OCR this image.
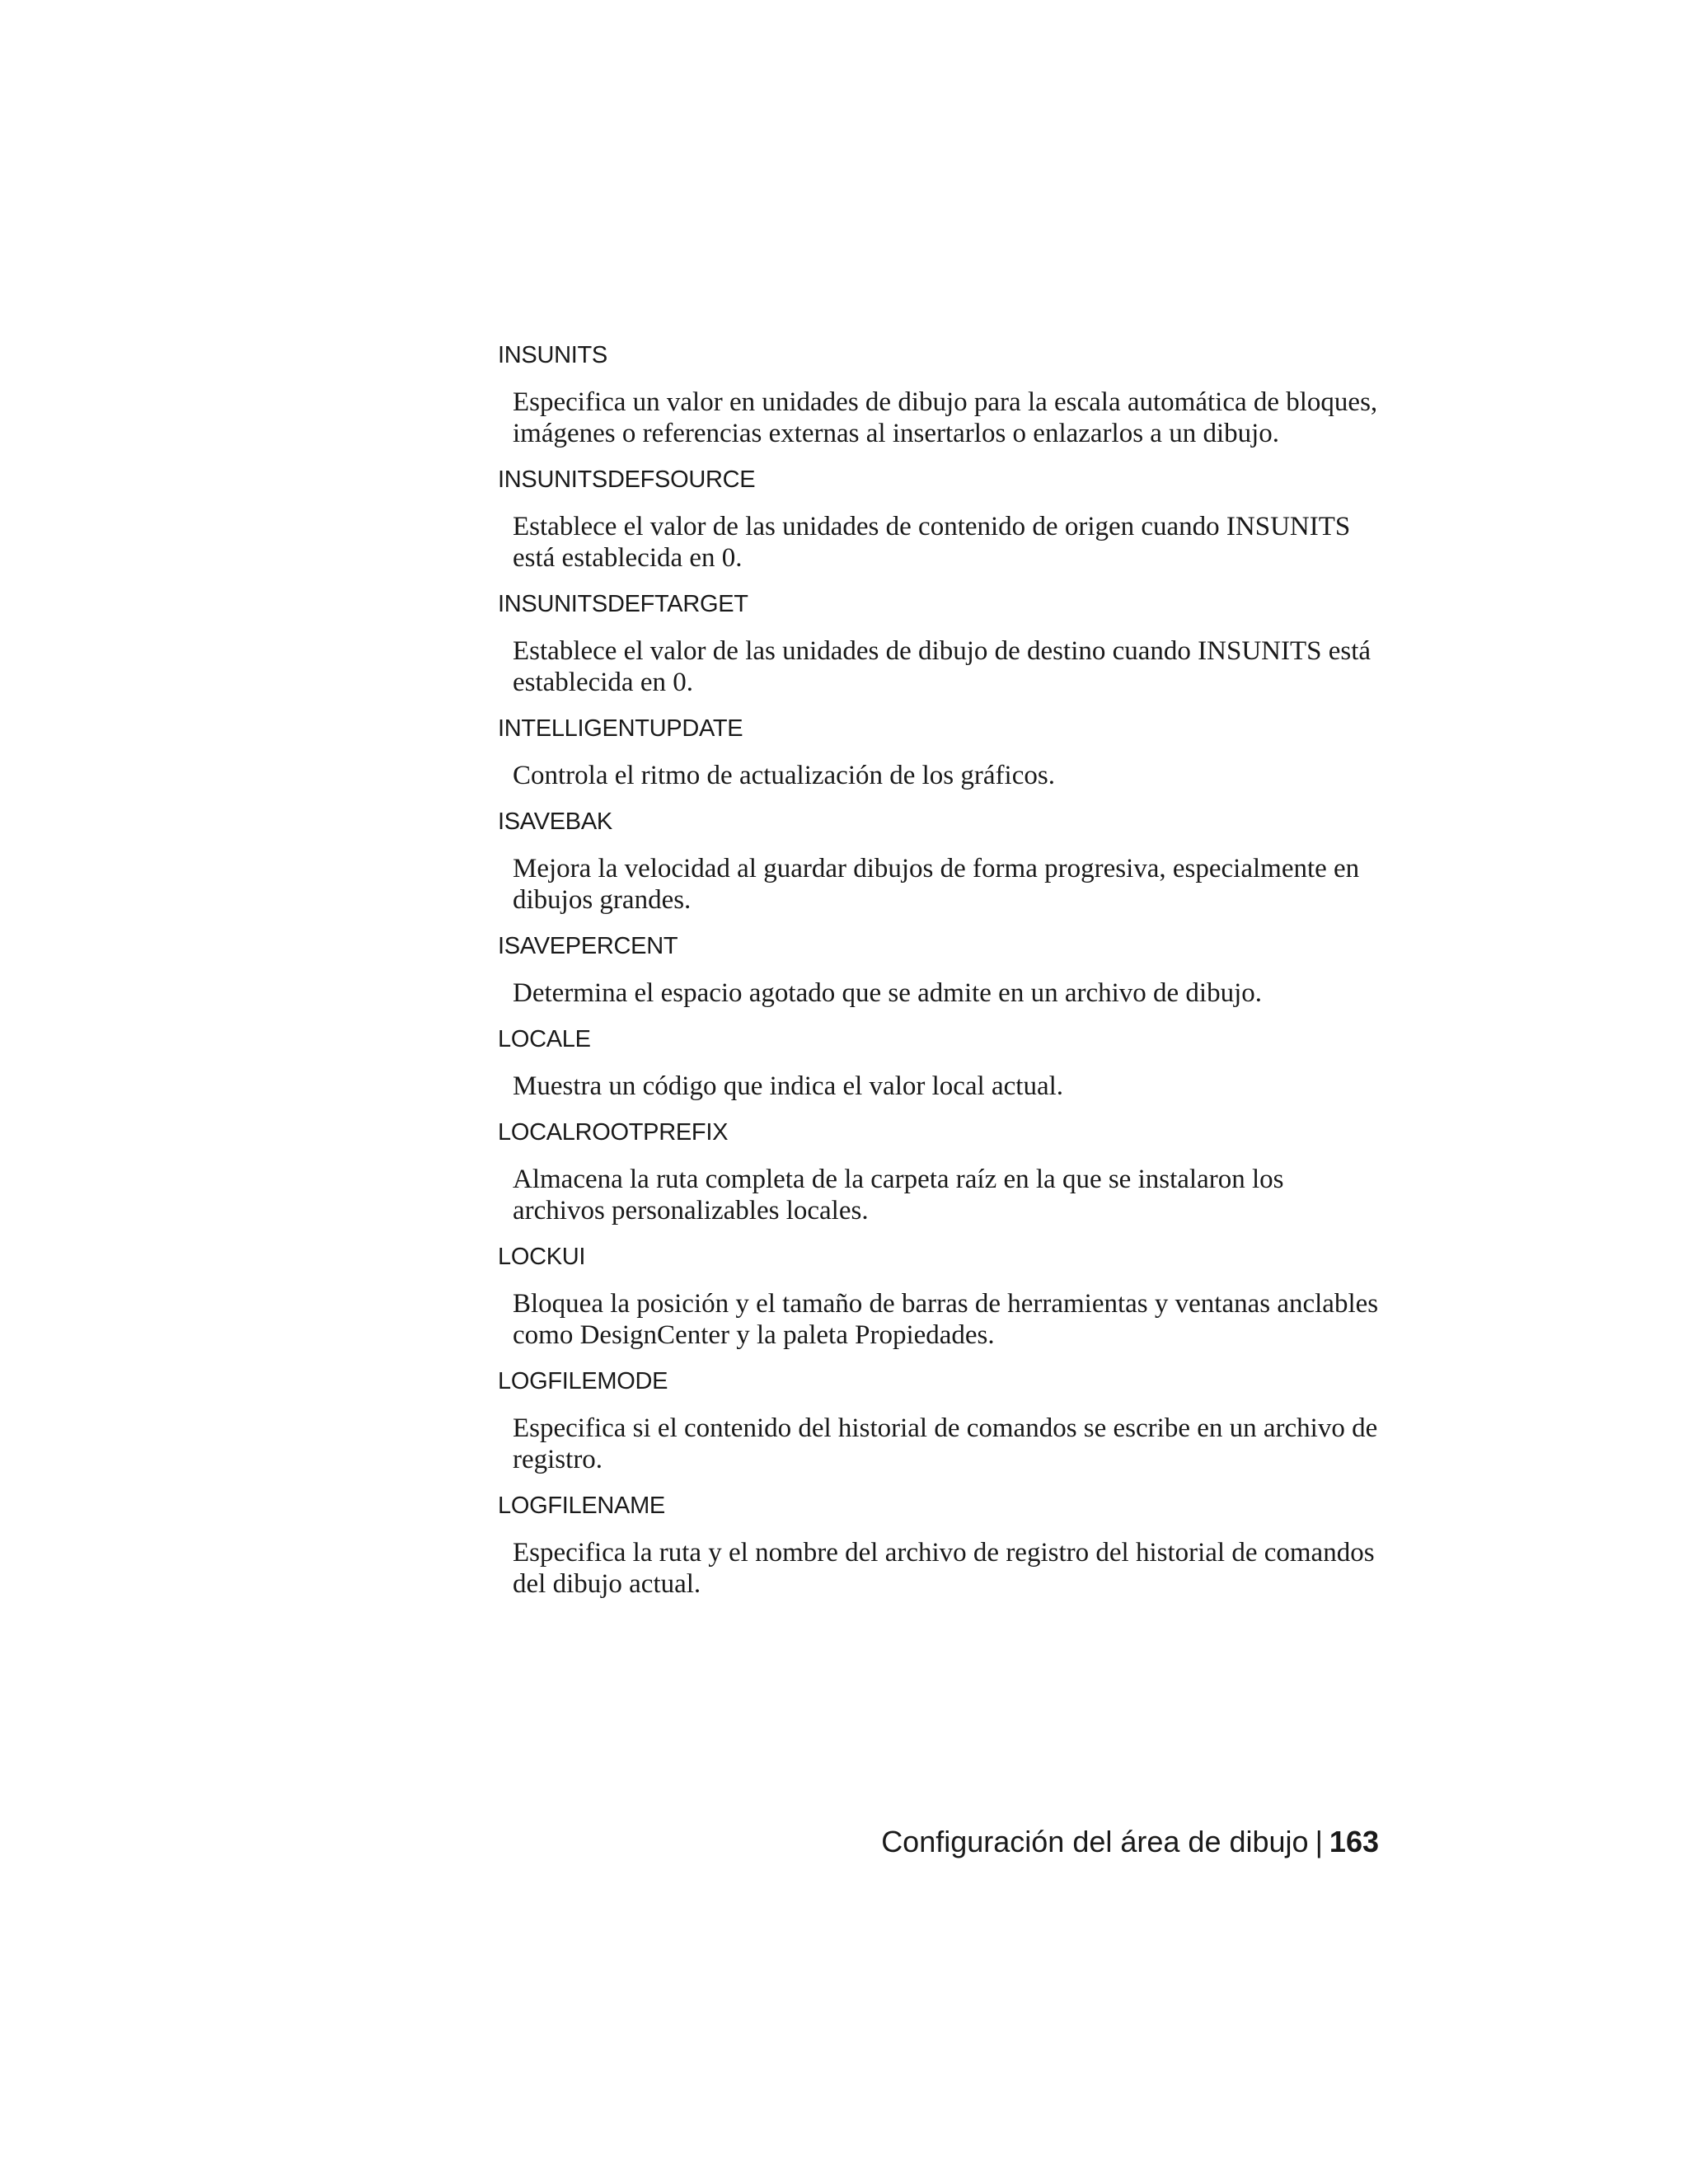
INSUNITS

Especifica un valor en unidades de dibujo para la escala automática de bloques, imágenes o referencias externas al insertarlos o enlazarlos a un dibujo.

INSUNITSDEFSOURCE

Establece el valor de las unidades de contenido de origen cuando INSUNITS está establecida en 0.

INSUNITSDEFTARGET

Establece el valor de las unidades de dibujo de destino cuando INSUNITS está establecida en 0.

INTELLIGENTUPDATE

Controla el ritmo de actualización de los gráficos.

ISAVEBAK

Mejora la velocidad al guardar dibujos de forma progresiva, especialmente en dibujos grandes.

ISAVEPERCENT

Determina el espacio agotado que se admite en un archivo de dibujo.

LOCALE

Muestra un código que indica el valor local actual.

LOCALROOTPREFIX

Almacena la ruta completa de la carpeta raíz en la que se instalaron los archivos personalizables locales.

LOCKUI

Bloquea la posición y el tamaño de barras de herramientas y ventanas anclables como DesignCenter y la paleta Propiedades.

LOGFILEMODE

Especifica si el contenido del historial de comandos se escribe en un archivo de registro.

LOGFILENAME

Especifica la ruta y el nombre del archivo de registro del historial de comandos del dibujo actual.

Configuración del área de dibujo | 163
